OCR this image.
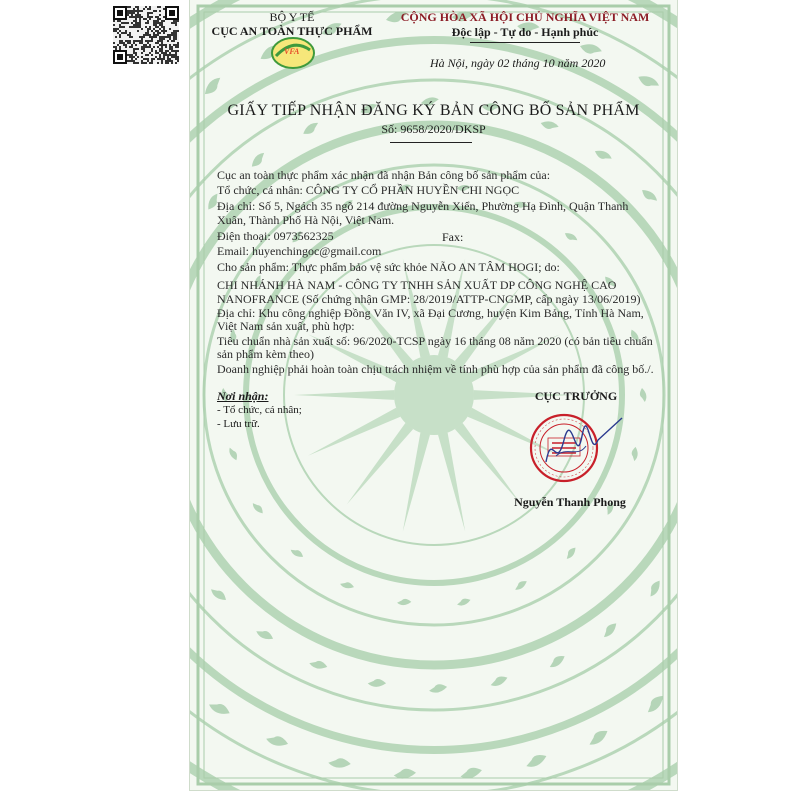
BỘ Y TẾ
CỤC AN TOÀN THỰC PHẨM
VFA
CỘNG HÒA XÃ HỘI CHỦ NGHĨA VIỆT NAM
Độc lập - Tự do - Hạnh phúc
Hà Nội, ngày 02 tháng 10 năm 2020
GIẤY TIẾP NHẬN ĐĂNG KÝ BẢN CÔNG BỐ SẢN PHẨM
Số: 9658/2020/DKSP
Cục an toàn thực phẩm xác nhận đã nhận Bản công bố sản phẩm của:
Tổ chức, cá nhân: CÔNG TY CỔ PHẦN HUYỀN CHI NGỌC
Địa chỉ: Số 5, Ngách 35 ngõ 214 đường Nguyễn Xiển, Phường Hạ Đình, Quận Thanh
Xuân, Thành Phố Hà Nội, Việt Nam.
Điện thoại: 0973562325
Email: huyenchingoc@gmail.com
Cho sản phẩm: Thực phẩm bảo vệ sức khỏe NÃO AN TÂM HOGI; do:
CHI NHÁNH HÀ NAM - CÔNG TY TNHH SẢN XUẤT DP CÔNG NGHỆ CAO
NANOFRANCE (Số chứng nhận GMP: 28/2019/ATTP-CNGMP, cấp ngày 13/06/2019)
Địa chỉ: Khu công nghiệp Đồng Văn IV, xã Đại Cương, huyện Kim Bảng, Tỉnh Hà Nam,
Việt Nam sản xuất, phù hợp:
Tiêu chuẩn nhà sản xuất số: 96/2020-TCSP ngày 16 tháng 08 năm 2020 (có bản tiêu chuẩn
sản phẩm kèm theo)
Doanh nghiệp phải hoàn toàn chịu trách nhiệm về tính phù hợp của sản phẩm đã công bố./.
Fax:
Nơi nhận:
- Tổ chức, cá nhân;
- Lưu trữ.
CỤC TRƯỞNG
Nguyễn Thanh Phong
